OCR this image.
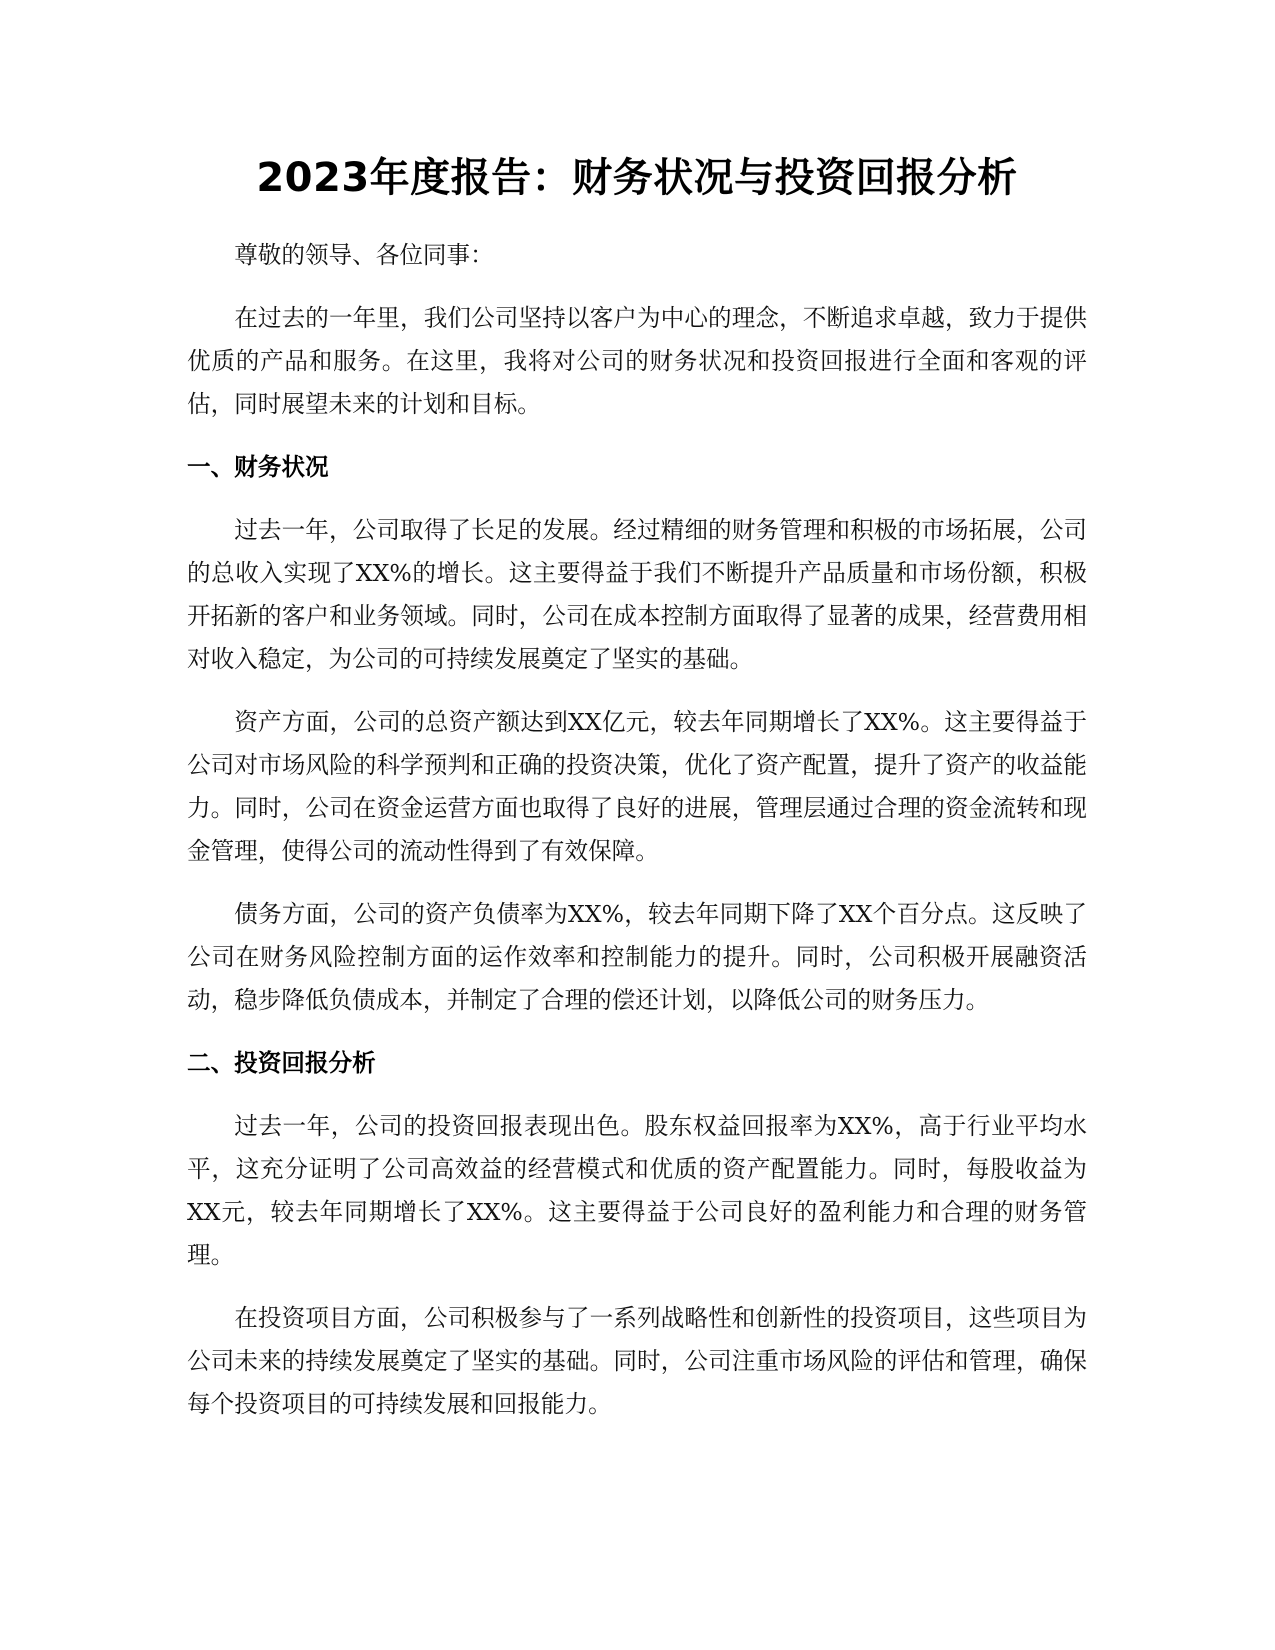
2023年度报告：财务状况与投资回报分析

尊敬的领导、各位同事：

在过去的一年里，我们公司坚持以客户为中心的理念，不断追求卓越，致力于提供优质的产品和服务。在这里，我将对公司的财务状况和投资回报进行全面和客观的评估，同时展望未来的计划和目标。

一、财务状况

过去一年，公司取得了长足的发展。经过精细的财务管理和积极的市场拓展，公司的总收入实现了XX%的增长。这主要得益于我们不断提升产品质量和市场份额，积极开拓新的客户和业务领域。同时，公司在成本控制方面取得了显著的成果，经营费用相对收入稳定，为公司的可持续发展奠定了坚实的基础。

资产方面，公司的总资产额达到XX亿元，较去年同期增长了XX%。这主要得益于公司对市场风险的科学预判和正确的投资决策，优化了资产配置，提升了资产的收益能力。同时，公司在资金运营方面也取得了良好的进展，管理层通过合理的资金流转和现金管理，使得公司的流动性得到了有效保障。

债务方面，公司的资产负债率为XX%，较去年同期下降了XX个百分点。这反映了公司在财务风险控制方面的运作效率和控制能力的提升。同时，公司积极开展融资活动，稳步降低负债成本，并制定了合理的偿还计划，以降低公司的财务压力。

二、投资回报分析

过去一年，公司的投资回报表现出色。股东权益回报率为XX%，高于行业平均水平，这充分证明了公司高效益的经营模式和优质的资产配置能力。同时，每股收益为XX元，较去年同期增长了XX%。这主要得益于公司良好的盈利能力和合理的财务管理。

在投资项目方面，公司积极参与了一系列战略性和创新性的投资项目，这些项目为公司未来的持续发展奠定了坚实的基础。同时，公司注重市场风险的评估和管理，确保每个投资项目的可持续发展和回报能力。
